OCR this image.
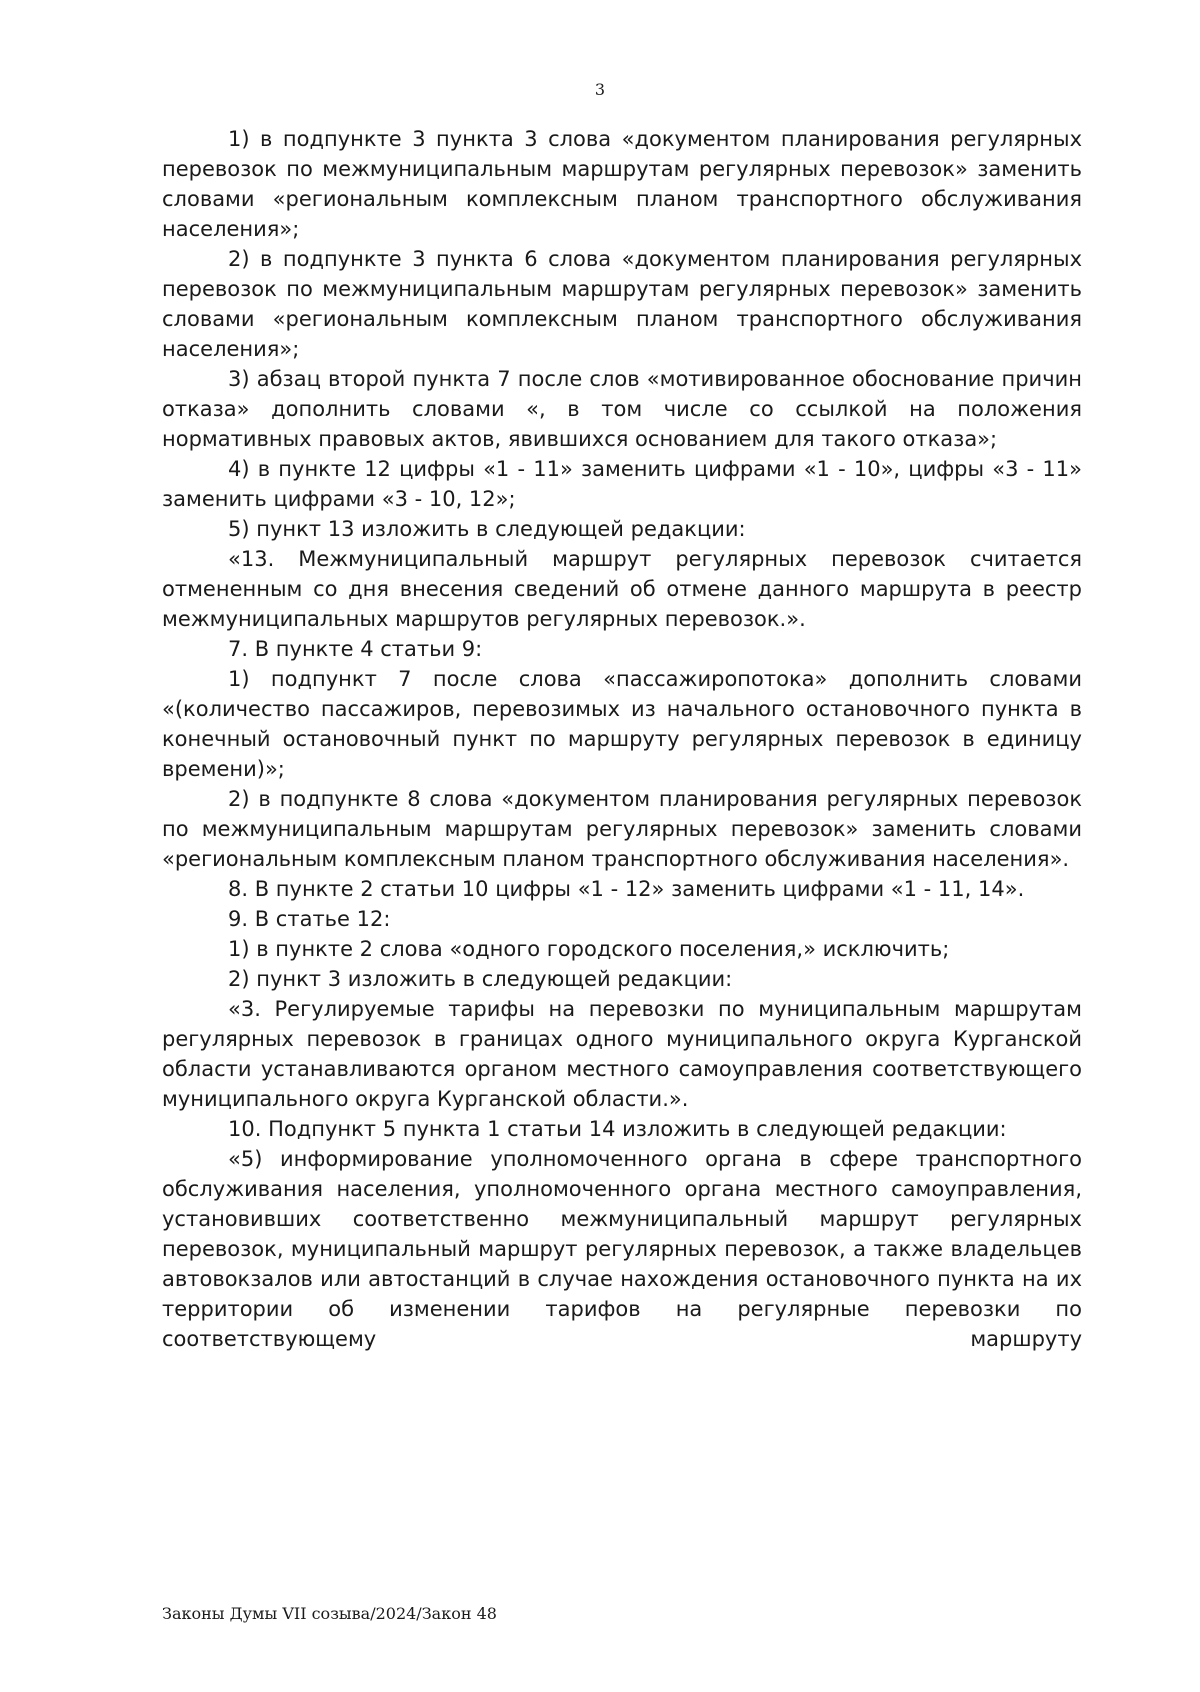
3

1) в подпункте 3 пункта 3 слова «документом планирования регулярных перевозок по межмуниципальным маршрутам регулярных перевозок» заменить словами «региональным комплексным планом транспортного обслуживания населения»;

2) в подпункте 3 пункта 6 слова «документом планирования регулярных перевозок по межмуниципальным маршрутам регулярных перевозок» заменить словами «региональным комплексным планом транспортного обслуживания населения»;

3) абзац второй пункта 7 после слов «мотивированное обоснование причин отказа» дополнить словами «, в том числе со ссылкой на положения нормативных правовых актов, явившихся основанием для такого отказа»;

4) в пункте 12 цифры «1 - 11» заменить цифрами «1 - 10», цифры «3 - 11» заменить цифрами «3 - 10, 12»;

5) пункт 13 изложить в следующей редакции:

«13. Межмуниципальный маршрут регулярных перевозок считается отмененным со дня внесения сведений об отмене данного маршрута в реестр межмуниципальных маршрутов регулярных перевозок.».

7. В пункте 4 статьи 9:

1) подпункт 7 после слова «пассажиропотока» дополнить словами «(количество пассажиров, перевозимых из начального остановочного пункта в конечный остановочный пункт по маршруту регулярных перевозок в единицу времени)»;

2) в подпункте 8 слова «документом планирования регулярных перевозок по межмуниципальным маршрутам регулярных перевозок» заменить словами «региональным комплексным планом транспортного обслуживания населения».

8. В пункте 2 статьи 10 цифры «1 - 12» заменить цифрами «1 - 11, 14».

9. В статье 12:

1) в пункте 2 слова «одного городского поселения,» исключить;

2) пункт 3 изложить в следующей редакции:

«3. Регулируемые тарифы на перевозки по муниципальным маршрутам регулярных перевозок в границах одного муниципального округа Курганской области устанавливаются органом местного самоуправления соответствующего муниципального округа Курганской области.».

10. Подпункт 5 пункта 1 статьи 14 изложить в следующей редакции:

«5) информирование уполномоченного органа в сфере транспортного обслуживания населения, уполномоченного органа местного самоуправления, установивших соответственно межмуниципальный маршрут регулярных перевозок, муниципальный маршрут регулярных перевозок, а также владельцев автовокзалов или автостанций в случае нахождения остановочного пункта на их территории об изменении тарифов на регулярные перевозки по соответствующему маршруту

Законы Думы VII созыва/2024/Закон 48
